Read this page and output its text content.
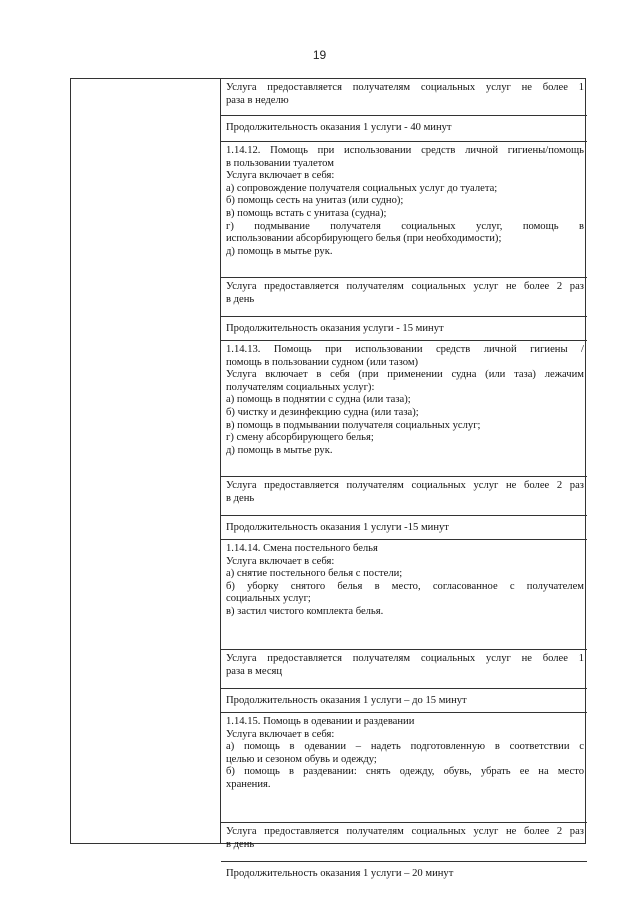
19
Услуга предоставляется получателям социальных услуг не более 1
раза в неделю
Продолжительность оказания 1 услуги - 40 минут
1.14.12. Помощь при использовании средств личной гигиены/помощь
в пользовании туалетом
Услуга включает в себя:
а) сопровождение получателя социальных услуг до туалета;
б) помощь сесть на унитаз (или судно);
в) помощь встать с унитаза (судна);
г) подмывание получателя социальных услуг, помощь в
использовании абсорбирующего белья (при необходимости);
д) помощь в мытье рук.
Услуга предоставляется получателям социальных услуг не более 2 раз
в день
Продолжительность оказания услуги - 15 минут
1.14.13. Помощь при использовании средств личной гигиены /
помощь в пользовании судном (или тазом)
Услуга включает в себя (при применении судна (или таза) лежачим
получателям социальных услуг):
а) помощь в поднятии с судна (или таза);
б) чистку и дезинфекцию судна (или таза);
в) помощь в подмывании получателя социальных услуг;
г) смену абсорбирующего белья;
д) помощь в мытье рук.
Услуга предоставляется получателям социальных услуг не более 2 раз
в день
Продолжительность оказания 1 услуги -15 минут
1.14.14. Смена постельного белья
Услуга включает в себя:
а) снятие постельного белья с постели;
б) уборку снятого белья в место, согласованное с получателем
социальных услуг;
в) застил чистого комплекта белья.
Услуга предоставляется получателям социальных услуг не более 1
раза в месяц
Продолжительность оказания 1 услуги – до 15 минут
1.14.15. Помощь в одевании и раздевании
Услуга включает в себя:
а) помощь в одевании – надеть подготовленную в соответствии с
целью и сезоном обувь и одежду;
б) помощь в раздевании: снять одежду, обувь, убрать ее на место
хранения.
Услуга предоставляется получателям социальных услуг не более 2 раз
в день
Продолжительность оказания 1 услуги – 20 минут
